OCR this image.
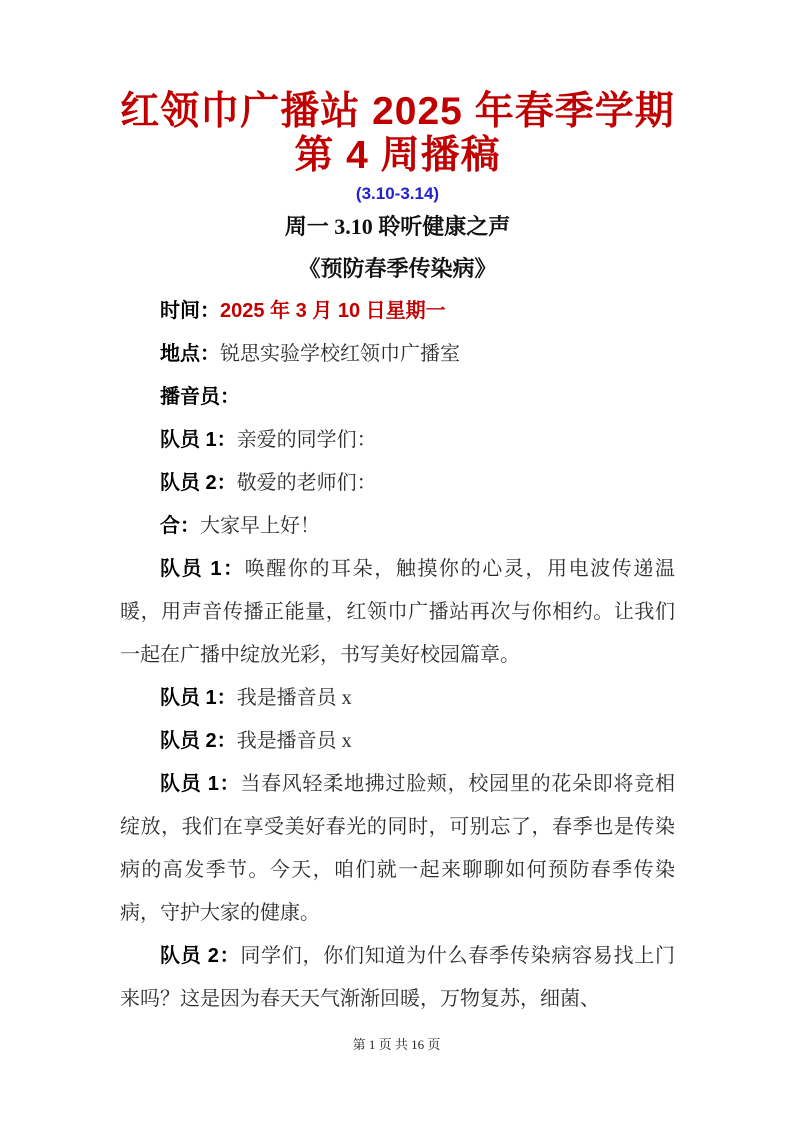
红领巾广播站 2025 年春季学期
第 4 周播稿
(3.10-3.14)
周一 3.10 聆听健康之声
《预防春季传染病》

时间：2025 年 3 月 10 日星期一

地点：锐思实验学校红领巾广播室

播音员：

队员 1：亲爱的同学们：

队员 2：敬爱的老师们：

合：大家早上好！

队员 1：唤醒你的耳朵，触摸你的心灵，用电波传递温暖，用声音传播正能量，红领巾广播站再次与你相约。让我们一起在广播中绽放光彩，书写美好校园篇章。

队员 1：我是播音员 x

队员 2：我是播音员 x

队员 1：当春风轻柔地拂过脸颊，校园里的花朵即将竞相绽放，我们在享受美好春光的同时，可别忘了，春季也是传染病的高发季节。今天，咱们就一起来聊聊如何预防春季传染病，守护大家的健康。

队员 2：同学们，你们知道为什么春季传染病容易找上门来吗？这是因为春天天气渐渐回暖，万物复苏，细菌、

第 1 页 共 16 页
